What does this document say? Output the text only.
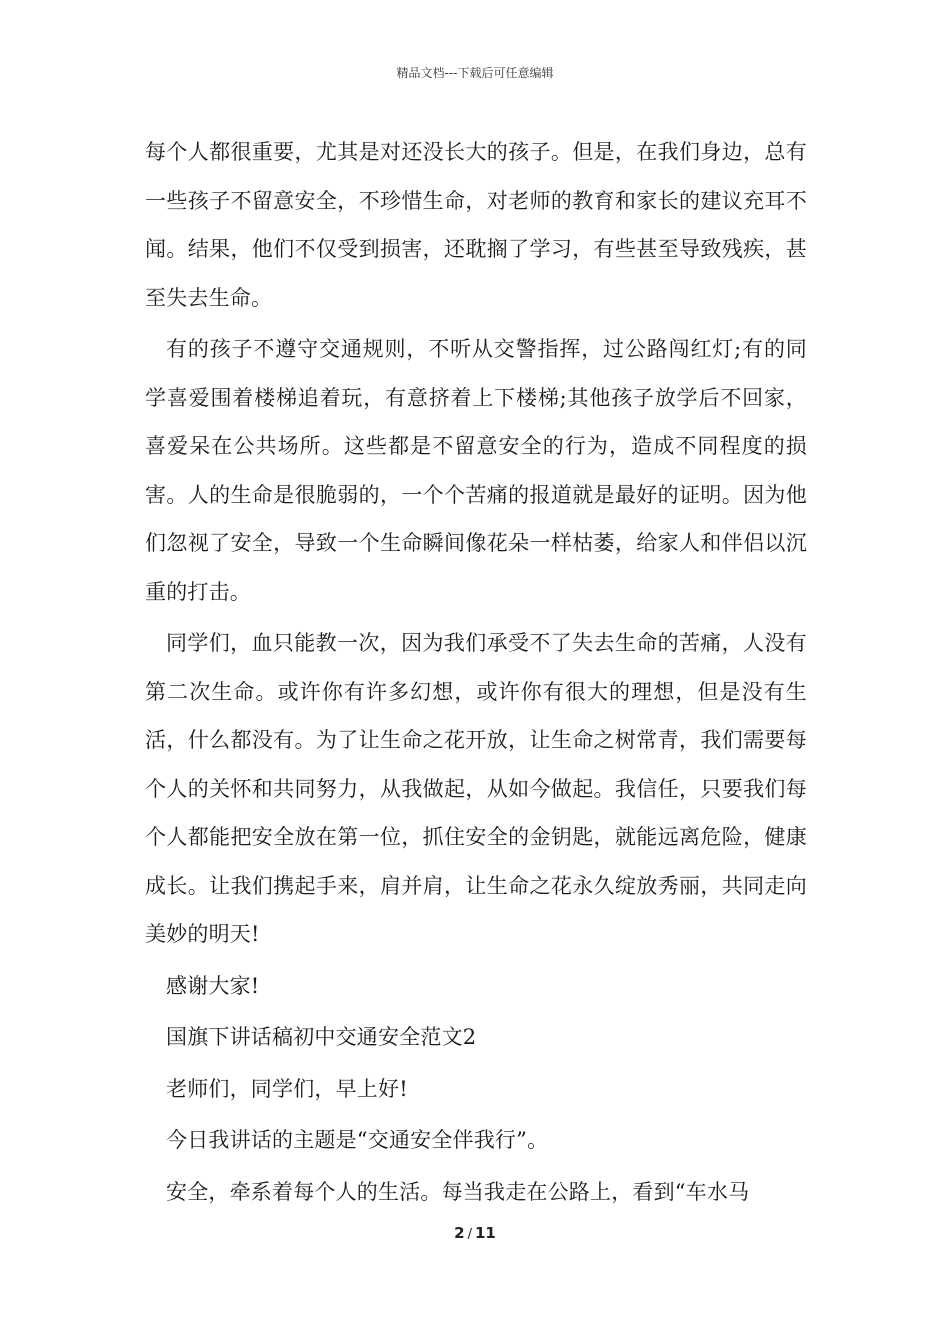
精品文档---下载后可任意编辑

每个人都很重要，尤其是对还没长大的孩子。但是，在我们身边，总有一些孩子不留意安全，不珍惜生命，对老师的教育和家长的建议充耳不闻。结果，他们不仅受到损害，还耽搁了学习，有些甚至导致残疾，甚至失去生命。

有的孩子不遵守交通规则，不听从交警指挥，过公路闯红灯;有的同学喜爱围着楼梯追着玩，有意挤着上下楼梯;其他孩子放学后不回家，喜爱呆在公共场所。这些都是不留意安全的行为，造成不同程度的损害。人的生命是很脆弱的，一个个苦痛的报道就是最好的证明。因为他们忽视了安全，导致一个生命瞬间像花朵一样枯萎，给家人和伴侣以沉重的打击。

同学们，血只能教一次，因为我们承受不了失去生命的苦痛，人没有第二次生命。或许你有许多幻想，或许你有很大的理想，但是没有生活，什么都没有。为了让生命之花开放，让生命之树常青，我们需要每个人的关怀和共同努力，从我做起，从如今做起。我信任，只要我们每个人都能把安全放在第一位，抓住安全的金钥匙，就能远离危险，健康成长。让我们携起手来，肩并肩，让生命之花永久绽放秀丽，共同走向美妙的明天!

感谢大家!

国旗下讲话稿初中交通安全范文2

老师们，同学们，早上好!

今日我讲话的主题是“交通安全伴我行”。

安全，牵系着每个人的生活。每当我走在公路上，看到“车水马

2 / 11
